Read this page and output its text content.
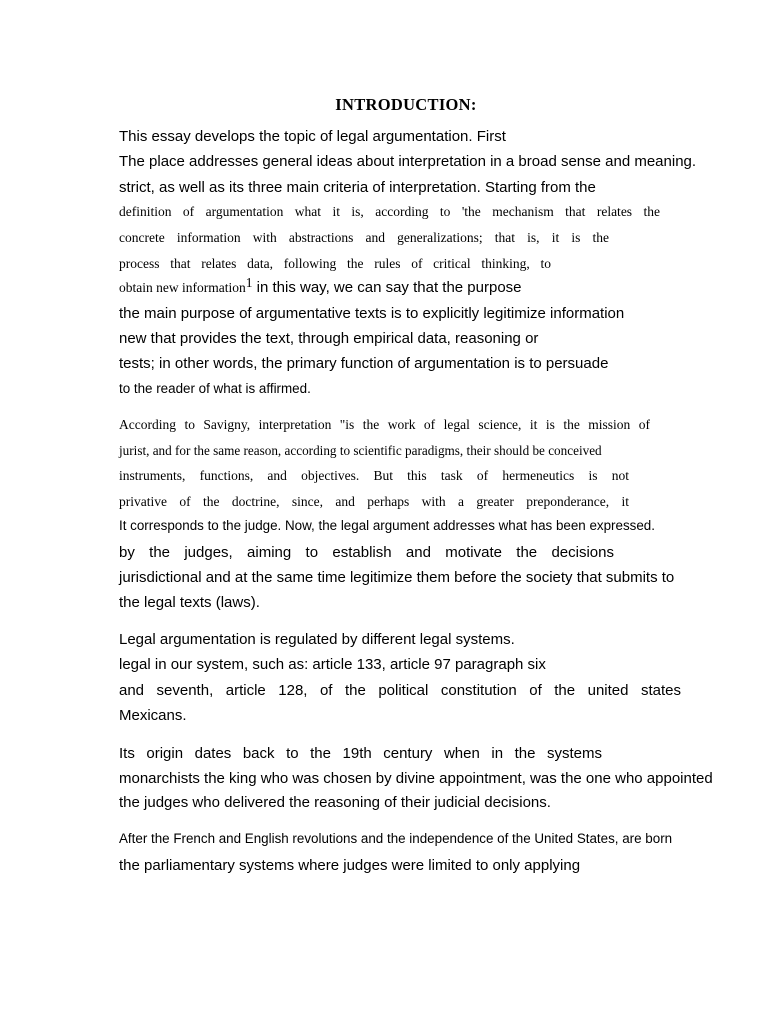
INTRODUCTION:

This essay develops the topic of legal argumentation. First

The place addresses general ideas about interpretation in a broad sense and meaning.

strict, as well as its three main criteria of interpretation. Starting from the

definition of argumentation what it is, according to 'the mechanism that relates the

concrete information with abstractions and generalizations; that is, it is the

process that relates data, following the rules of critical thinking, to

obtain new information$^1$ in this way, we can say that the purpose

the main purpose of argumentative texts is to explicitly legitimize information

new that provides the text, through empirical data, reasoning or

tests; in other words, the primary function of argumentation is to persuade

to the reader of what is affirmed.

According to Savigny, interpretation "is the work of legal science, it is the mission of

jurist, and for the same reason, according to scientific paradigms, their should be conceived

instruments, functions, and objectives. But this task of hermeneutics is not

privative of the doctrine, since, and perhaps with a greater preponderance, it

It corresponds to the judge. Now, the legal argument addresses what has been expressed.

by the judges, aiming to establish and motivate the decisions

jurisdictional and at the same time legitimize them before the society that submits to

the legal texts (laws).

Legal argumentation is regulated by different legal systems.

legal in our system, such as: article 133, article 97 paragraph six

and seventh, article 128, of the political constitution of the united states

Mexicans.

Its origin dates back to the 19th century when in the systems

monarchists the king who was chosen by divine appointment, was the one who appointed

the judges who delivered the reasoning of their judicial decisions.

After the French and English revolutions and the independence of the United States, are born

the parliamentary systems where judges were limited to only applying
